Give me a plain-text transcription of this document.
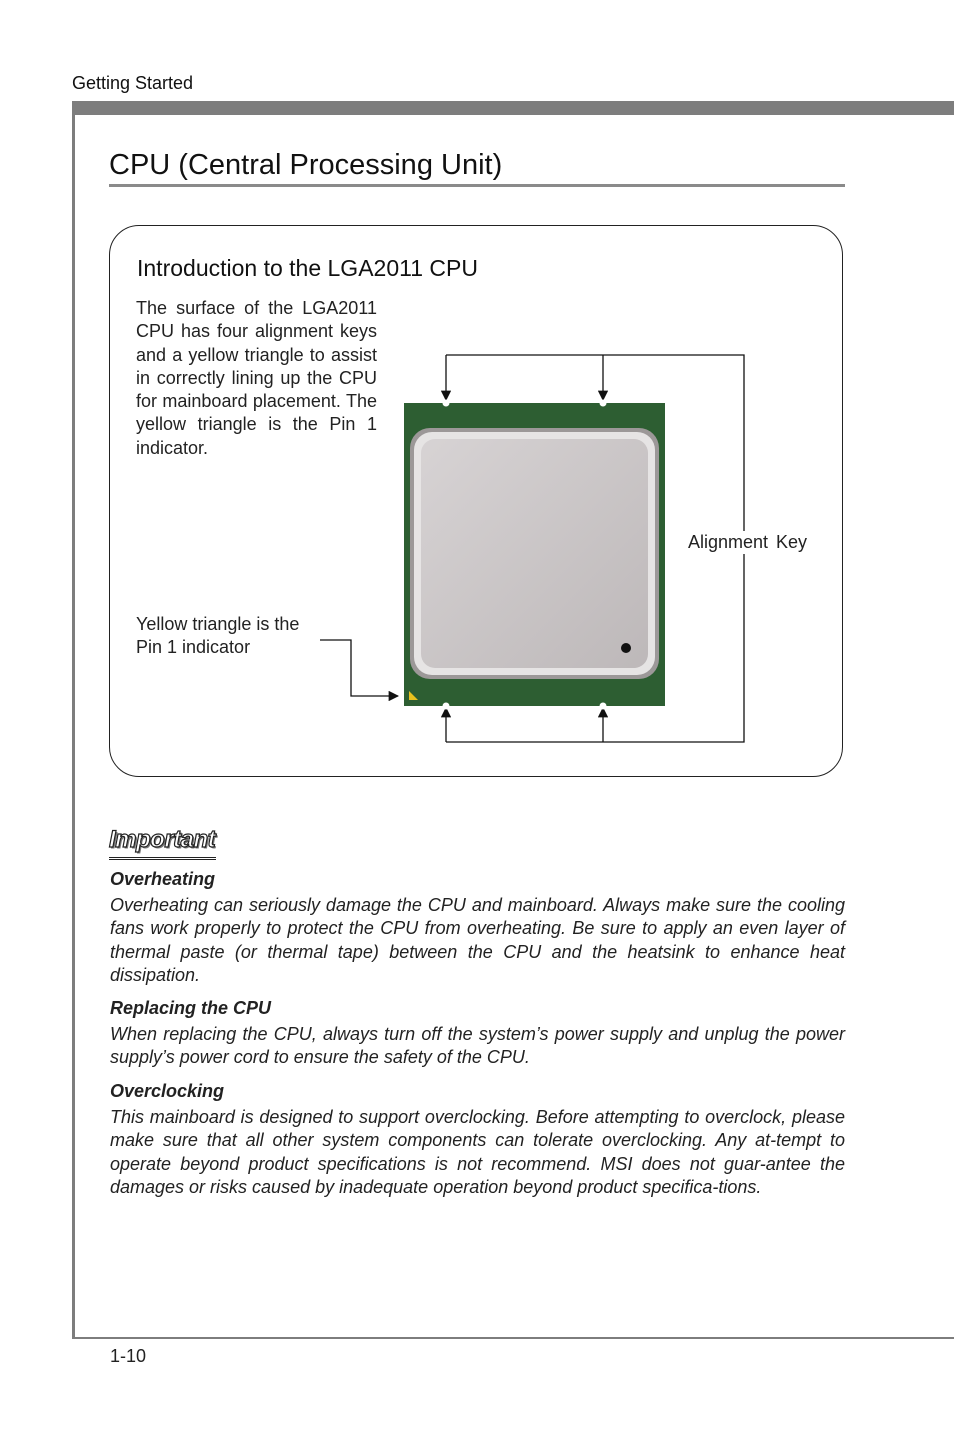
Getting Started
CPU (Central Processing Unit)
Introduction to the LGA2011 CPU

The surface of the LGA2011 CPU has four alignment keys and a yellow triangle to assist in correctly lining up the CPU for mainboard placement. The yellow triangle is the Pin 1 indicator.

Alignment Key

Yellow triangle is the Pin 1 indicator

Important
Overheating

Overheating can seriously damage the CPU and mainboard. Always make sure the cooling fans work properly to protect the CPU from overheating. Be sure to apply an even layer of thermal paste (or thermal tape) between the CPU and the heatsink to enhance heat dissipation.

Replacing the CPU

When replacing the CPU, always turn off the system’s power supply and unplug the power supply’s power cord to ensure the safety of the CPU.

Overclocking

This mainboard is designed to support overclocking. Before attempting to overclock, please make sure that all other system components can tolerate overclocking. Any at-tempt to operate beyond product specifications is not recommend. MSI does not guar-antee the damages or risks caused by inadequate operation beyond product specifica-tions.

1-10
